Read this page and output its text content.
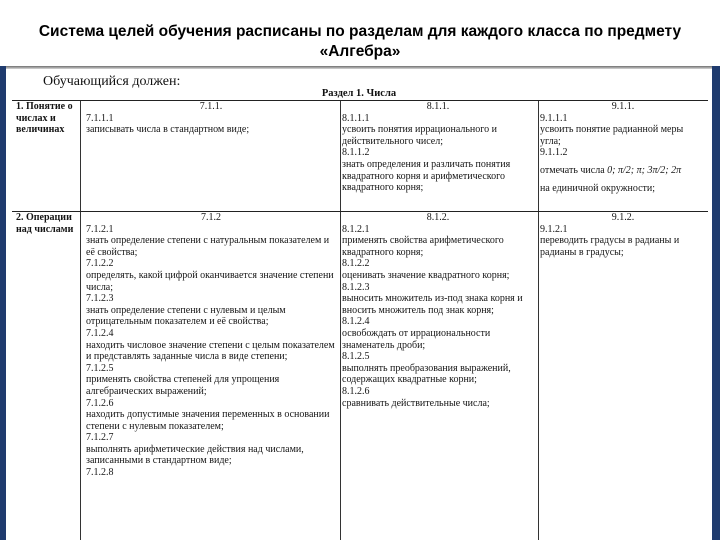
Система целей обучения расписаны по разделам для каждого класса по предмету «Алгебра»
Обучающийся должен:
Раздел 1. Числа
1. Понятие о числах и величинах
7.1.1.
7.1.1.1
записывать числа в стандартном виде;
8.1.1.
8.1.1.1
усвоить понятия иррационального и действительного чисел;
8.1.1.2
знать определения и различать понятия квадратного корня и арифметического квадратного корня;
9.1.1.
9.1.1.1
усвоить понятие радианной меры угла;
9.1.1.2
отмечать числа 0; π/2; π; 3π/2; 2π
на единичной окружности;
2. Операции над числами
7.1.2
7.1.2.1
знать определение степени с натуральным показателем и её свойства;
7.1.2.2
определять, какой цифрой оканчивается значение степени числа;
7.1.2.3
знать определение степени с нулевым и целым отрицательным показателем и её свойства;
7.1.2.4
находить числовое значение степени с целым показателем и представлять заданные числа в виде степени;
7.1.2.5
применять свойства степеней для упрощения алгебраических выражений;
7.1.2.6
находить допустимые значения переменных в основании степени с нулевым показателем;
7.1.2.7
выполнять арифметические действия над числами, записанными в стандартном виде;
7.1.2.8
8.1.2.
8.1.2.1
применять свойства арифметического квадратного корня;
8.1.2.2
оценивать значение квадратного корня;
8.1.2.3
выносить множитель из-под знака корня и вносить множитель под знак корня;
8.1.2.4
освобождать от иррациональности знаменатель дроби;
8.1.2.5
выполнять преобразования выражений, содержащих квадратные корни;
8.1.2.6
сравнивать действительные числа;
9.1.2.
9.1.2.1
переводить градусы в радианы и радианы в градусы;
